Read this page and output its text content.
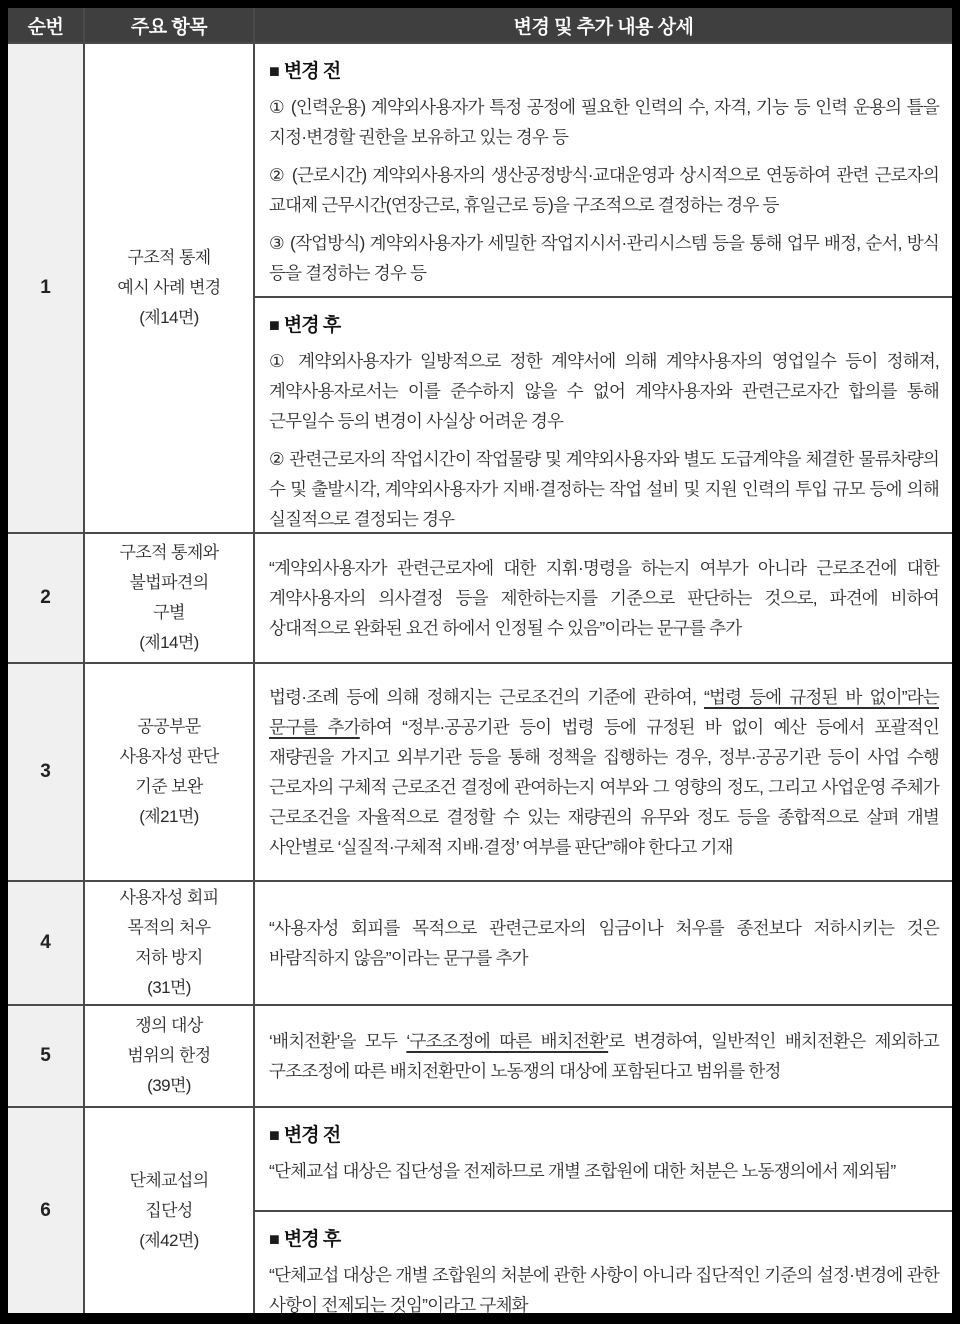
순번	주요 항목	변경 및 추가 내용 상세
1
구조적 통제
예시 사례 변경
(제14면)
■ 변경 전

① (인력운용) 계약외사용자가 특정 공정에 필요한 인력의 수, 자격, 기능 등 인력 운용의 틀을 지정·변경할 권한을 보유하고 있는 경우 등

② (근로시간) 계약외사용자의 생산공정방식·교대운영과 상시적으로 연동하여 관련 근로자의 교대제 근무시간(연장근로, 휴일근로 등)을 구조적으로 결정하는 경우 등

③ (작업방식) 계약외사용자가 세밀한 작업지시서·관리시스템 등을 통해 업무 배정, 순서, 방식 등을 결정하는 경우 등

■ 변경 후

① 계약외사용자가 일방적으로 정한 계약서에 의해 계약사용자의 영업일수 등이 정해져, 계약사용자로서는 이를 준수하지 않을 수 없어 계약사용자와 관련근로자간 합의를 통해 근무일수 등의 변경이 사실상 어려운 경우

② 관련근로자의 작업시간이 작업물량 및 계약외사용자와 별도 도급계약을 체결한 물류차량의 수 및 출발시각, 계약외사용자가 지배·결정하는 작업 설비 및 지원 인력의 투입 규모 등에 의해 실질적으로 결정되는 경우

2
구조적 통제와
불법파견의
구별
(제14면)

“계약외사용자가 관련근로자에 대한 지휘·명령을 하는지 여부가 아니라 근로조건에 대한 계약사용자의 의사결정 등을 제한하는지를 기준으로 판단하는 것으로, 파견에 비하여 상대적으로 완화된 요건 하에서 인정될 수 있음”이라는 문구를 추가

3
공공부문
사용자성 판단
기준 보완
(제21면)

법령·조례 등에 의해 정해지는 근로조건의 기준에 관하여, “법령 등에 규정된 바 없이”라는 문구를 추가하여 “정부·공공기관 등이 법령 등에 규정된 바 없이 예산 등에서 포괄적인 재량권을 가지고 외부기관 등을 통해 정책을 집행하는 경우, 정부·공공기관 등이 사업 수행 근로자의 구체적 근로조건 결정에 관여하는지 여부와 그 영향의 정도, 그리고 사업운영 주체가 근로조건을 자율적으로 결정할 수 있는 재량권의 유무와 정도 등을 종합적으로 살펴 개별 사안별로 ‘실질적·구체적 지배·결정’ 여부를 판단”해야 한다고 기재

4
사용자성 회피
목적의 처우
저하 방지
(31면)

“사용자성 회피를 목적으로 관련근로자의 임금이나 처우를 종전보다 저하시키는 것은 바람직하지 않음”이라는 문구를 추가

5
쟁의 대상
범위의 한정
(39면)

‘배치전환’을 모두 ‘구조조정에 따른 배치전환’로 변경하여, 일반적인 배치전환은 제외하고 구조조정에 따른 배치전환만이 노동쟁의 대상에 포함된다고 범위를 한정

6
단체교섭의
집단성
(제42면)
■ 변경 전

“단체교섭 대상은 집단성을 전제하므로 개별 조합원에 대한 처분은 노동쟁의에서 제외됨”

■ 변경 후

“단체교섭 대상은 개별 조합원의 처분에 관한 사항이 아니라 집단적인 기준의 설정·변경에 관한 사항이 전제되는 것임”이라고 구체화
